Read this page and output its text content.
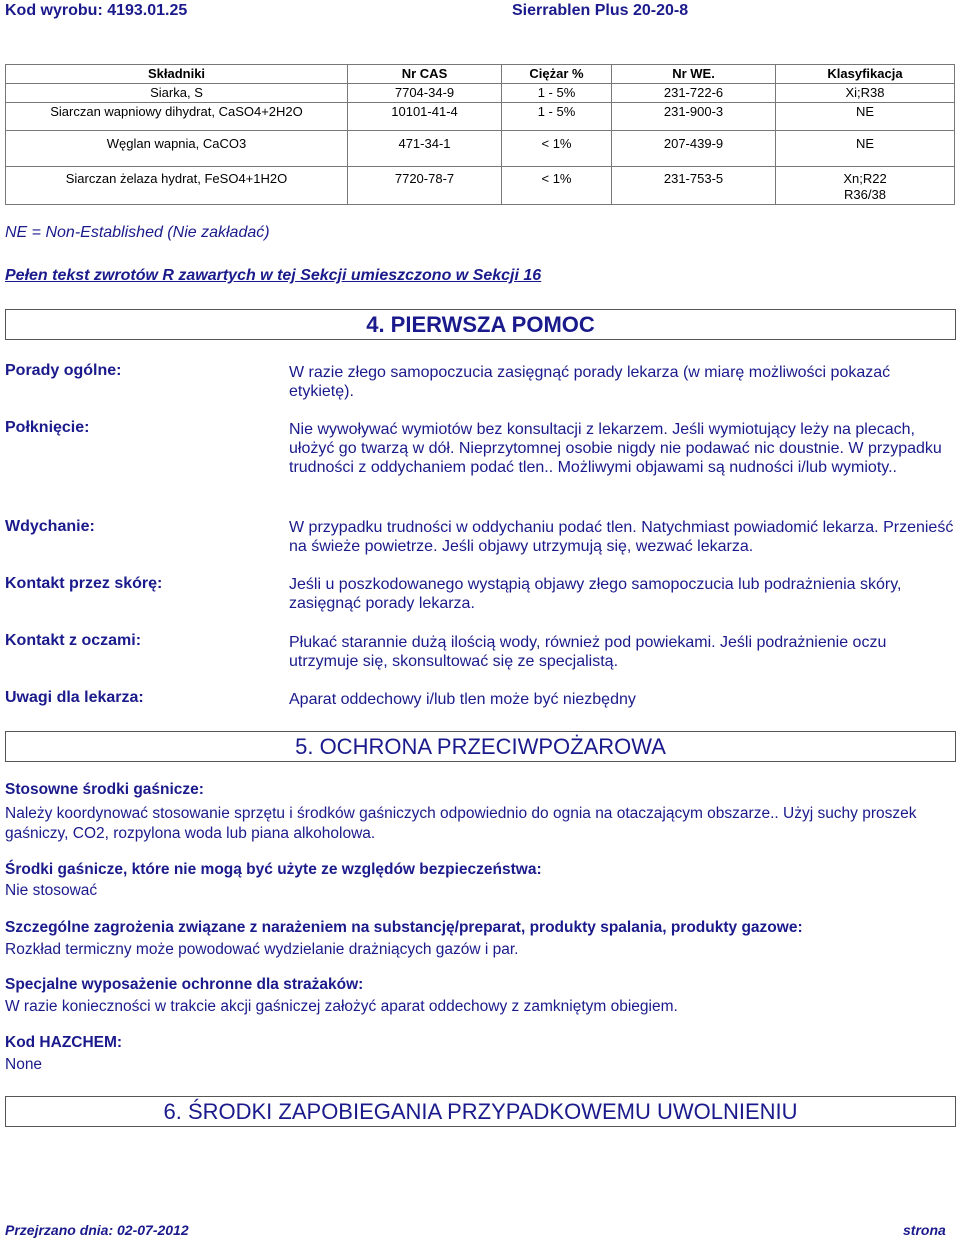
Kod wyrobu: 4193.01.25	Sierrablen Plus 20-20-8
Składniki	Nr CAS	Ciężar %	Nr WE.	Klasyfikacja
Siarka, S	7704-34-9	1 - 5%	231-722-6	Xi;R38
Siarczan wapniowy dihydrat, CaSO4+2H2O	10101-41-4	1 - 5%	231-900-3	NE
Węglan wapnia, CaCO3	471-34-1	< 1%	207-439-9	NE
Siarczan żelaza hydrat, FeSO4+1H2O	7720-78-7	< 1%	231-753-5	Xn;R22 R36/38
NE = Non-Established (Nie zakładać)
Pełen tekst zwrotów R zawartych w tej Sekcji umieszczono w Sekcji 16
4. PIERWSZA POMOC
Porady ogólne:	W razie złego samopoczucia zasięgnąć porady lekarza (w miarę możliwości pokazać etykietę).
Połknięcie:	Nie wywoływać wymiotów bez konsultacji z lekarzem. Jeśli wymiotujący leży na plecach, ułożyć go twarzą w dół. Nieprzytomnej osobie nigdy nie podawać nic doustnie. W przypadku trudności z oddychaniem podać tlen.. Możliwymi objawami są nudności i/lub wymioty..
Wdychanie:	W przypadku trudności w oddychaniu podać tlen. Natychmiast powiadomić lekarza. Przenieść na świeże powietrze. Jeśli objawy utrzymują się, wezwać lekarza.
Kontakt przez skórę:	Jeśli u poszkodowanego wystąpią objawy złego samopoczucia lub podrażnienia skóry, zasięgnąć porady lekarza.
Kontakt z oczami:	Płukać starannie dużą ilością wody, również pod powiekami. Jeśli podrażnienie oczu utrzymuje się, skonsultować się ze specjalistą.
Uwagi dla lekarza:	Aparat oddechowy i/lub tlen może być niezbędny
5. OCHRONA PRZECIWPOŻAROWA
Stosowne środki gaśnicze:
Należy koordynować stosowanie sprzętu i środków gaśniczych odpowiednio do ognia na otaczającym obszarze.. Użyj suchy proszek gaśniczy, CO2, rozpylona woda lub piana alkoholowa.
Środki gaśnicze, które nie mogą być użyte ze względów bezpieczeństwa:
Nie stosować
Szczególne zagrożenia związane z narażeniem na substancję/preparat, produkty spalania, produkty gazowe:
Rozkład termiczny może powodować wydzielanie drażniących gazów i par.
Specjalne wyposażenie ochronne dla strażaków:
W razie konieczności w trakcie akcji gaśniczej założyć aparat oddechowy z zamkniętym obiegiem.
Kod HAZCHEM:
None
6. ŚRODKI ZAPOBIEGANIA PRZYPADKOWEMU UWOLNIENIU
Przejrzano dnia: 02-07-2012	strona
